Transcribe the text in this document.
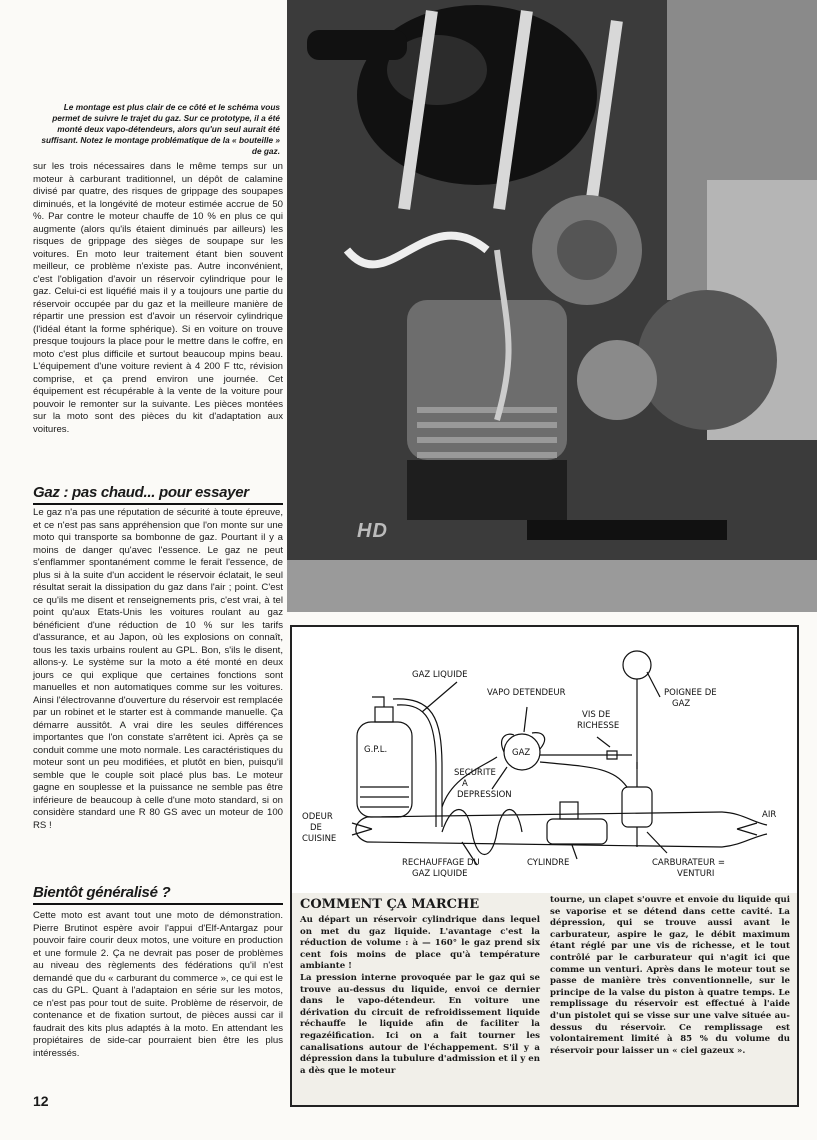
Le montage est plus clair de ce côté et le schéma vous permet de suivre le trajet du gaz. Sur ce prototype, il a été monté deux vapo-détendeurs, alors qu'un seul aurait été suffisant. Notez le montage problématique de la « bouteille » de gaz.
sur les trois nécessaires dans le même temps sur un moteur à carburant traditionnel, un dépôt de calamine divisé par quatre, des risques de grippage des soupapes diminués, et la longévité de moteur estimée accrue de 50 %. Par contre le moteur chauffe de 10 % en plus ce qui augmente (alors qu'ils étaient diminués par ailleurs) les risques de grippage des sièges de soupape sur les voitures. En moto leur traitement étant bien souvent meilleur, ce problème n'existe pas. Autre inconvénient, c'est l'obligation d'avoir un réservoir cylindrique pour le gaz. Celui-ci est liquéfié mais il y a toujours une partie du réservoir occupée par du gaz et la meilleure manière de répartir une pression est d'avoir un réservoir cylindrique (l'idéal étant la forme sphérique). Si en voiture on trouve presque toujours la place pour le mettre dans le coffre, en moto c'est plus difficile et surtout beaucoup mpins beau. L'équipement d'une voiture revient à 4 200 F ttc, révision comprise, et ça prend environ une journée. Cet équipement est récupérable à la vente de la voiture pour pouvoir le remonter sur la suivante. Les pièces montées sur la moto sont des pièces du kit d'adaptation aux voitures.
Gaz : pas chaud... pour essayer
Le gaz n'a pas une réputation de sécurité à toute épreuve, et ce n'est pas sans appréhension que l'on monte sur une moto qui transporte sa bombonne de gaz. Pourtant il y a moins de danger qu'avec l'essence. Le gaz ne peut s'enflammer spontanément comme le ferait l'essence, de plus si à la suite d'un accident le réservoir éclatait, le seul résultat serait la dissipation du gaz dans l'air ; point. C'est ce qu'ils me disent et renseignements pris, c'est vrai, à tel point qu'aux Etats-Unis les voitures roulant au gaz bénéficient d'une réduction de 10 % sur les tarifs d'assurance, et au Japon, où les explosions on connaît, tous les taxis urbains roulent au GPL. Bon, s'ils le disent, allons-y. Le système sur la moto a été monté en deux jours ce qui explique que certaines fonctions sont manuelles et non automatiques comme sur les voitures. Ainsi l'électrovanne d'ouverture du réservoir est remplacée par un robinet et le starter est à commande manuelle. Ça démarre aussitôt. A vrai dire les seules différences importantes que l'on constate s'arrêtent ici. Après ça se conduit comme une moto normale. Les caractéristiques du moteur sont un peu modifiées, et plutôt en bien, puisqu'il semble que le couple soit placé plus bas. Le moteur gagne en souplesse et la puissance ne semble pas être inférieure de beaucoup à celle d'une moto standard, si on considère standard une R 80 GS avec un moteur de 100 RS !
Bientôt généralisé ?
Cette moto est avant tout une moto de démonstration. Pierre Brutinot espère avoir l'appui d'Elf-Antargaz pour pouvoir faire courir deux motos, une voiture en production et une formule 2. Ça ne devrait pas poser de problèmes au niveau des règlements des fédérations qu'il n'est demandé que du « carburant du commerce », ce qui est le cas du GPL. Quant à l'adaptaion en série sur les motos, ce n'est pas pour tout de suite. Problème de réservoir, de contenance et de fixation surtout, de pièces aussi car il faudrait des kits plus adaptés à la moto. En attendant les propiétaires de side-car pourraient bien être les plus intéressés.
12
HD
GAZ LIQUIDE
VAPO DETENDEUR	POIGNEE DE
GAZ
VIS DE
RICHESSE
G.P.L.	GAZ
SECURITE
A
DEPRESSION
ODEUR
DE
CUISINE
AIR
RECHAUFFAGE DU
GAZ LIQUIDE
CYLINDRE	CARBURATEUR =
VENTURI
COMMENT ÇA MARCHE

Au départ un réservoir cylindrique dans lequel on met du gaz liquide. L'avantage c'est la réduction de volume : à — 160° le gaz prend six cent fois moins de place qu'à température ambiante !

La pression interne provoquée par le gaz qui se trouve au-dessus du liquide, envoi ce dernier dans le vapo-détendeur. En voiture une dérivation du circuit de refroidissement liquide réchauffe le liquide afin de faciliter la regazéification. Ici on a fait tourner les canalisations autour de l'échappement. S'il y a dépression dans la tubulure d'admission et il y en a dès que le moteur

tourne, un clapet s'ouvre et envoie du liquide qui se vaporise et se détend dans cette cavité. La dépression, qui se trouve aussi avant le carburateur, aspire le gaz, le débit maximum étant réglé par une vis de richesse, et le tout contrôlé par le carburateur qui n'agit ici que comme un venturi. Après dans le moteur tout se passe de manière très conventionnelle, sur le principe de la valse du piston à quatre temps. Le remplissage du réservoir est effectué à l'aide d'un pistolet qui se visse sur une valve située au-dessus du réservoir. Ce remplissage est volontairement limité à 85 % du volume du réservoir pour laisser un « ciel gazeux ».
